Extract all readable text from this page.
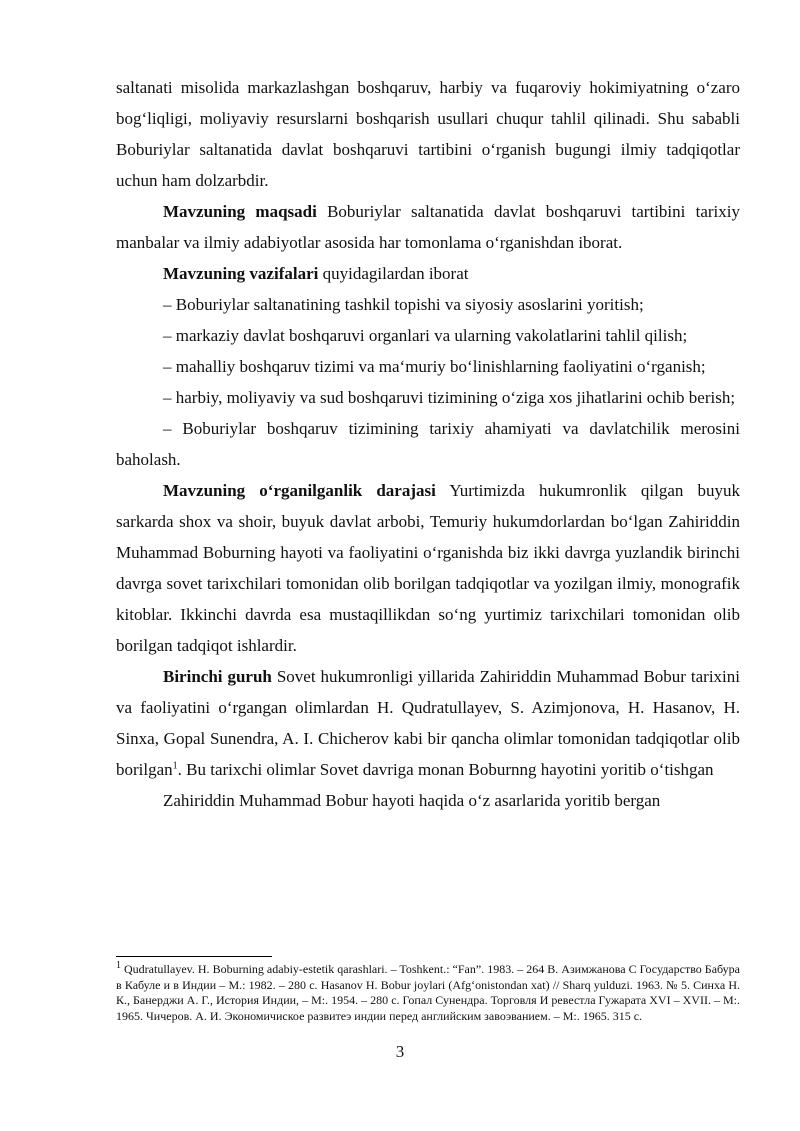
saltanati misolida markazlashgan boshqaruv, harbiy va fuqaroviy hokimiyatning o‘zaro bog‘liqligi, moliyaviy resurslarni boshqarish usullari chuqur tahlil qilinadi. Shu sababli Boburiylar saltanatida davlat boshqaruvi tartibini o‘rganish bugungi ilmiy tadqiqotlar uchun ham dolzarbdir.

Mavzuning maqsadi Boburiylar saltanatida davlat boshqaruvi tartibini tarixiy manbalar va ilmiy adabiyotlar asosida har tomonlama o‘rganishdan iborat.

Mavzuning vazifalari quyidagilardan iborat

– Boburiylar saltanatining tashkil topishi va siyosiy asoslarini yoritish;

– markaziy davlat boshqaruvi organlari va ularning vakolatlarini tahlil qilish;

– mahalliy boshqaruv tizimi va ma‘muriy bo‘linishlarning faoliyatini o‘rganish;

– harbiy, moliyaviy va sud boshqaruvi tizimining o‘ziga xos jihatlarini ochib berish;

– Boburiylar boshqaruv tizimining tarixiy ahamiyati va davlatchilik merosini baholash.

Mavzuning o‘rganilganlik darajasi Yurtimizda hukumronlik qilgan buyuk sarkarda shox va shoir, buyuk davlat arbobi, Temuriy hukumdorlardan bo‘lgan Zahiriddin Muhammad Boburning hayoti va faoliyatini o‘rganishda biz ikki davrga yuzlandik birinchi davrga sovet tarixchilari tomonidan olib borilgan tadqiqotlar va yozilgan ilmiy, monografik kitoblar. Ikkinchi davrda esa mustaqillikdan so‘ng yurtimiz tarixchilari tomonidan olib borilgan tadqiqot ishlardir.

Birinchi guruh Sovet hukumronligi yillarida Zahiriddin Muhammad Bobur tarixini va faoliyatini o‘rgangan olimlardan H. Qudratullayev, S. Azimjonova, H. Hasanov, H. Sinxa, Gopal Sunendra, A. I. Chicherov kabi bir qancha olimlar tomonidan tadqiqotlar olib borilgan$^1$. Bu tarixchi olimlar Sovet davriga monan Boburnng hayotini yoritib o‘tishgan

Zahiriddin Muhammad Bobur hayoti haqida o‘z asarlarida yoritib bergan

$^1$ Qudratullayev. H. Boburning adabiy-estetik qarashlari. – Toshkent.: “Fan”. 1983. – 264 B. Азимжанова С Государство Бабура в Кабуле и в Индии – М.: 1982. – 280 с. Hasanov H. Bobur joylari (Afg‘onistondan xat) // Sharq yulduzi. 1963. № 5. Синха Н. К., Банерджи А. Г., История Индии, – М:. 1954. – 280 с. Гопал Сунендра. Торговля И ревестла Гужарата XVI – XVII. – М:. 1965. Чичеров. А. И. Экономичиское развитеэ индии перед английским завоэванием. – М:. 1965. 315 с.

3
